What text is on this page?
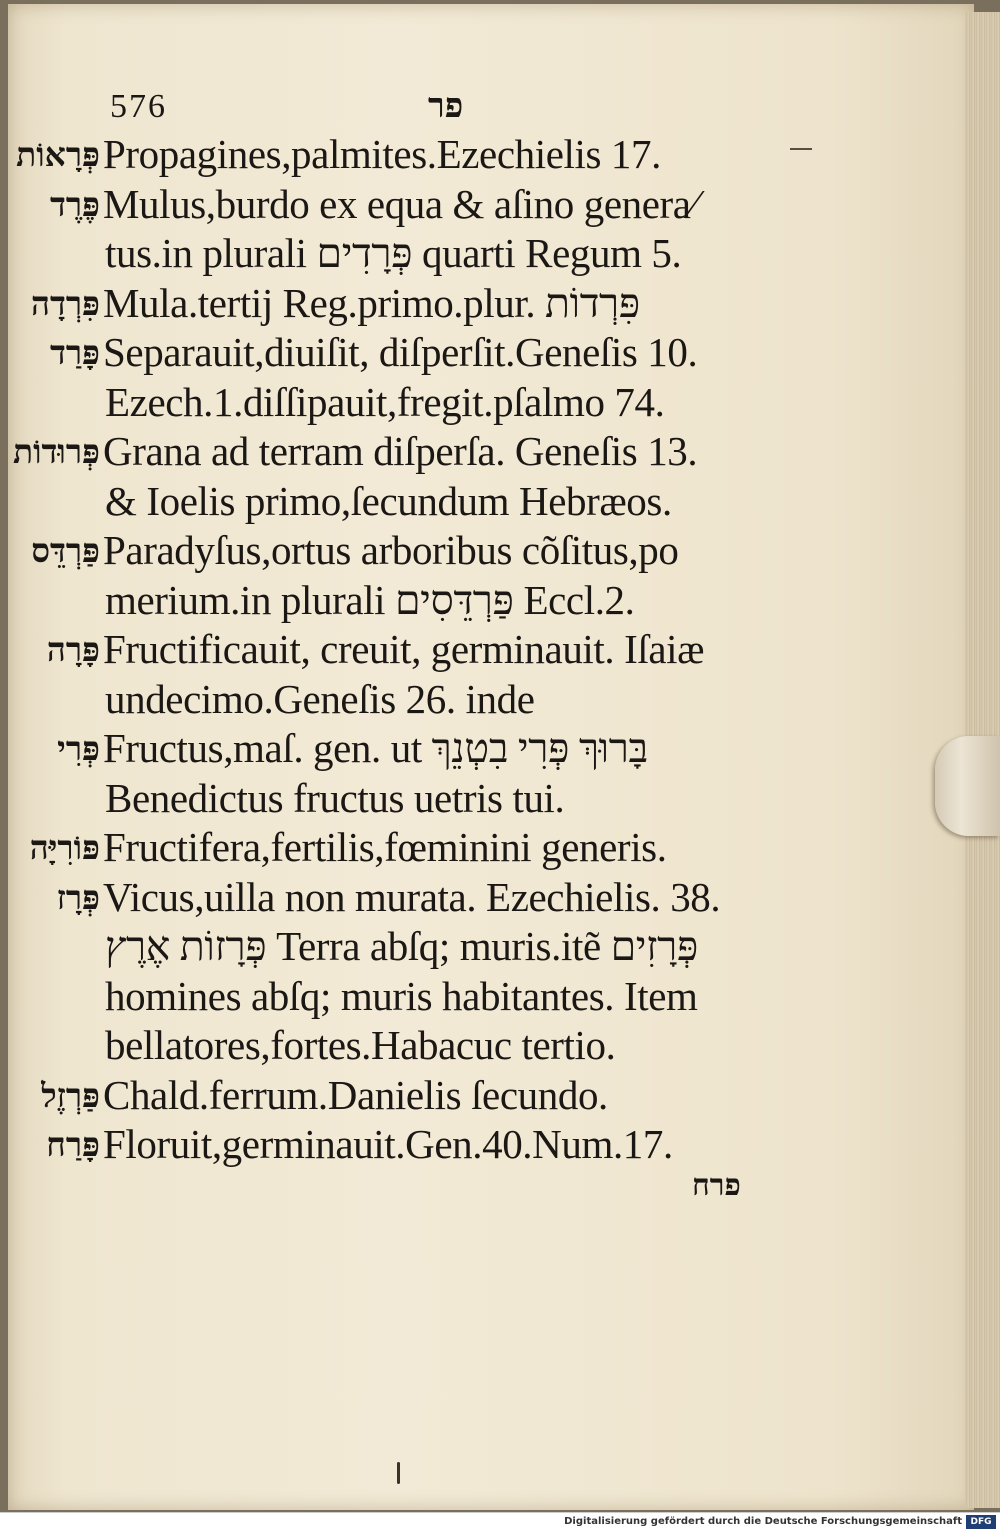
576	פר
פְּרָאוֹת Propagines,palmites.Ezechielis 17.
פֶּרֶד Mulus,burdo ex equa & aſino genera⁄
tus.in plurali פְּרָדִים quarti Regum 5.
פִּרְדָה Mula.tertij Reg.primo.plur. פִּרְדוֹת
פָּרַד Separauit,diuiſit, diſperſit.Geneſis 10.
Ezech.1.diſſipauit,fregit.pſalmo 74.
פְּרוּדוֹת Grana ad terram diſperſa. Geneſis 13.
& Ioelis primo,ſecundum Hebræos.
פַּרְדֵּס Paradyſus,ortus arboribus cõſitus,po
merium.in plurali פַּרְדֵּסִים Eccl.2.
פָּרָה Fructificauit, creuit, germinauit. Iſaiæ
undecimo.Geneſis 26. inde
פְּרִי Fructus,maſ. gen. ut בָּרוּךְ פְּרִי בִטְנֵךְ
Benedictus fructus uetris tui.
פּוֹרִיָּה Fructifera,fertilis,fœminini generis.
פְּרָז Vicus,uilla non murata. Ezechielis. 38.
פְּרָזוֹת אֶרֶץ Terra abſq; muris.itẽ פְּרָזִים
homines abſq; muris habitantes. Item
bellatores,fortes.Habacuc tertio.
פַּרְזֶל Chald.ferrum.Danielis ſecundo.
פָּרַח Floruit,germinauit.Gen.40.Num.17.
פרח
Digitalisierung gefördert durch die Deutsche Forschungsgemeinschaft DFG
